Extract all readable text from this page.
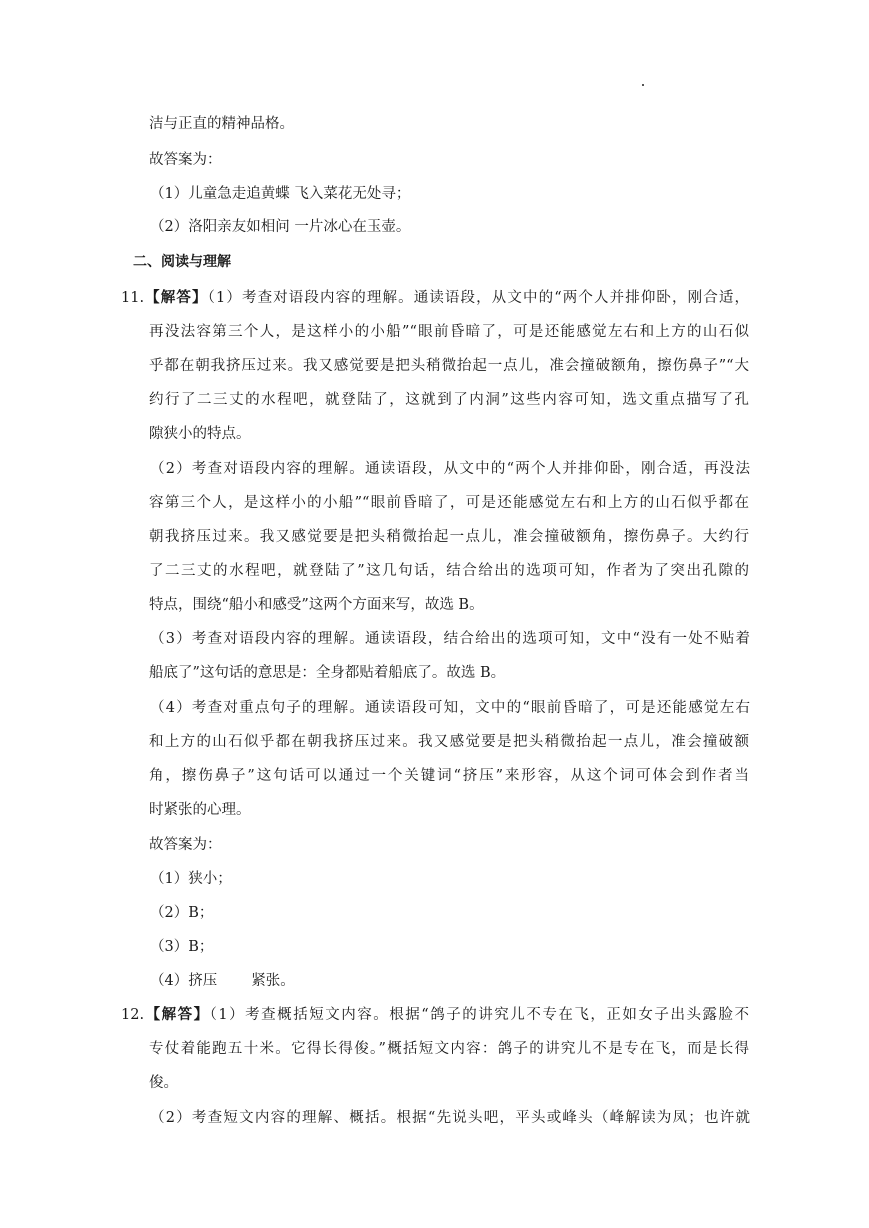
洁与正直的精神品格。
故答案为：
（1）儿童急走追黄蝶 飞入菜花无处寻；
（2）洛阳亲友如相问 一片冰心在玉壶。
二、阅读与理解
11.【解答】（1）考查对语段内容的理解。通读语段，从文中的“两个人并排仰卧，刚合适，
再没法容第三个人，是这样小的小船”“眼前昏暗了，可是还能感觉左右和上方的山石似
乎都在朝我挤压过来。我又感觉要是把头稍微抬起一点儿，准会撞破额角，擦伤鼻子”“大
约行了二三丈的水程吧，就登陆了，这就到了内洞”这些内容可知，选文重点描写了孔
隙狭小的特点。
（2）考查对语段内容的理解。通读语段，从文中的“两个人并排仰卧，刚合适，再没法
容第三个人，是这样小的小船”“眼前昏暗了，可是还能感觉左右和上方的山石似乎都在
朝我挤压过来。我又感觉要是把头稍微抬起一点儿，准会撞破额角，擦伤鼻子。大约行
了二三丈的水程吧，就登陆了”这几句话，结合给出的选项可知，作者为了突出孔隙的
特点，围绕“船小和感受”这两个方面来写，故选 B。
（3）考查对语段内容的理解。通读语段，结合给出的选项可知，文中“没有一处不贴着
船底了”这句话的意思是：全身都贴着船底了。故选 B。
（4）考查对重点句子的理解。通读语段可知，文中的“眼前昏暗了，可是还能感觉左右
和上方的山石似乎都在朝我挤压过来。我又感觉要是把头稍微抬起一点儿，准会撞破额
角，擦伤鼻子”这句话可以通过一个关键词“挤压”来形容，从这个词可体会到作者当
时紧张的心理。
故答案为：
（1）狭小；
（2）B；
（3）B；
（4）挤压 紧张。
12.【解答】（1）考查概括短文内容。根据“鸽子的讲究儿不专在飞，正如女子出头露脸不
专仗着能跑五十米。它得长得俊。”概括短文内容：鸽子的讲究儿不是专在飞，而是长得
俊。
（2）考查短文内容的理解、概括。根据“先说头吧，平头或峰头（峰解读为凤；也许就
